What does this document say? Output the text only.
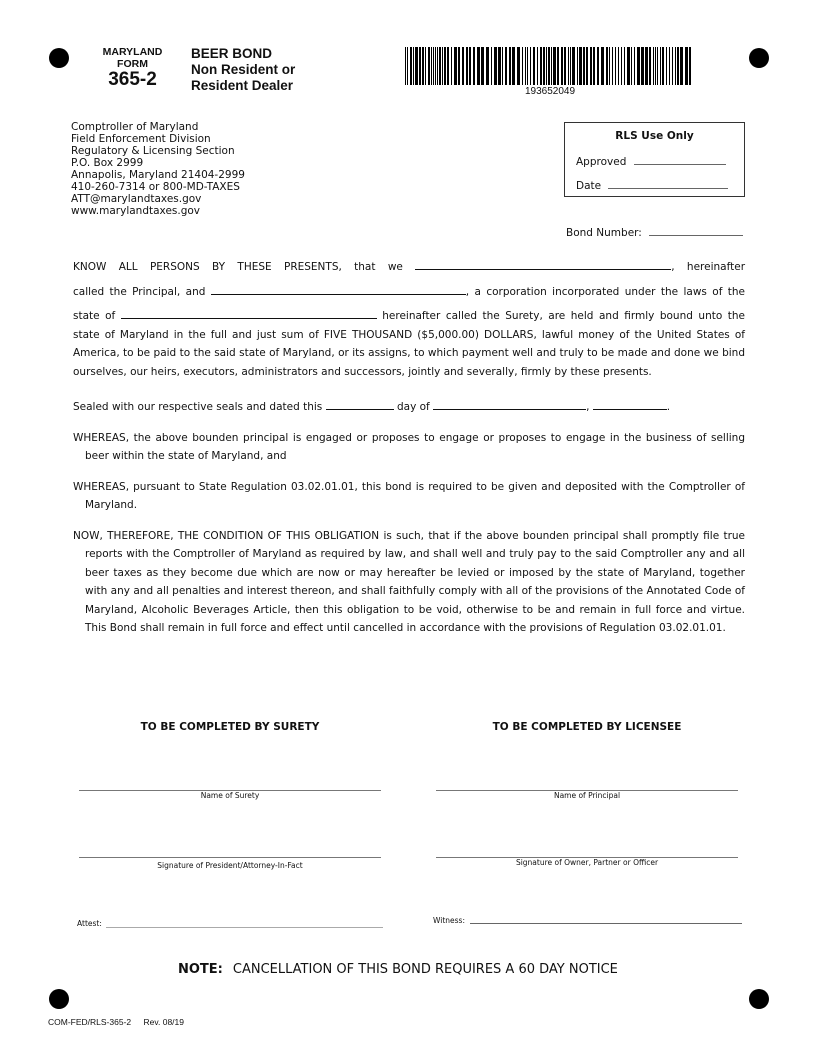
MARYLAND
FORM
365-2
BEER BOND
Non Resident or
Resident Dealer	193652049
Comptroller of Maryland
Field Enforcement Division
Regulatory & Licensing Section
P.O. Box 2999
Annapolis, Maryland 21404-2999
410-260-7314 or 800-MD-TAXES
ATT@marylandtaxes.gov
www.marylandtaxes.gov
RLS Use Only
Approved
Date
Bond Number:
KNOW ALL PERSONS BY THESE PRESENTS, that we	, hereinafter
called the Principal, and	, a corporation incorporated under the laws of the
state of	hereinafter called the Surety, are held and firmly bound unto the
state of Maryland in the full and just sum of FIVE THOUSAND ($5,000.00) DOLLARS, lawful money of the United States of America, to be paid to the said state of Maryland, or its assigns, to which payment well and truly to be made and done we bind ourselves, our heirs, executors, administrators and successors, jointly and severally, firmly by these presents.
Sealed with our respective seals and dated this	day of	,	.
WHEREAS, the above bounden principal is engaged or proposes to engage or proposes to engage in the business of selling beer within the state of Maryland, and
WHEREAS, pursuant to State Regulation 03.02.01.01, this bond is required to be given and deposited with the Comptroller of Maryland.
NOW, THEREFORE, THE CONDITION OF THIS OBLIGATION is such, that if the above bounden principal shall promptly file true reports with the Comptroller of Maryland as required by law, and shall well and truly pay to the said Comptroller any and all beer taxes as they become due which are now or may hereafter be levied or imposed by the state of Maryland, together with any and all penalties and interest thereon, and shall faithfully comply with all of the provisions of the Annotated Code of Maryland, Alcoholic Beverages Article, then this obligation to be void, otherwise to be and remain in full force and virtue. This Bond shall remain in full force and effect until cancelled in accordance with the provisions of Regulation 03.02.01.01.
TO BE COMPLETED BY SURETY	TO BE COMPLETED BY LICENSEE
Name of Surety	Name of Principal
Signature of President/Attorney-In-Fact	Signature of Owner, Partner or Officer
Attest:	Witness:
NOTE: CANCELLATION OF THIS BOND REQUIRES A 60 DAY NOTICE
COM-FED/RLS-365-2 Rev. 08/19
